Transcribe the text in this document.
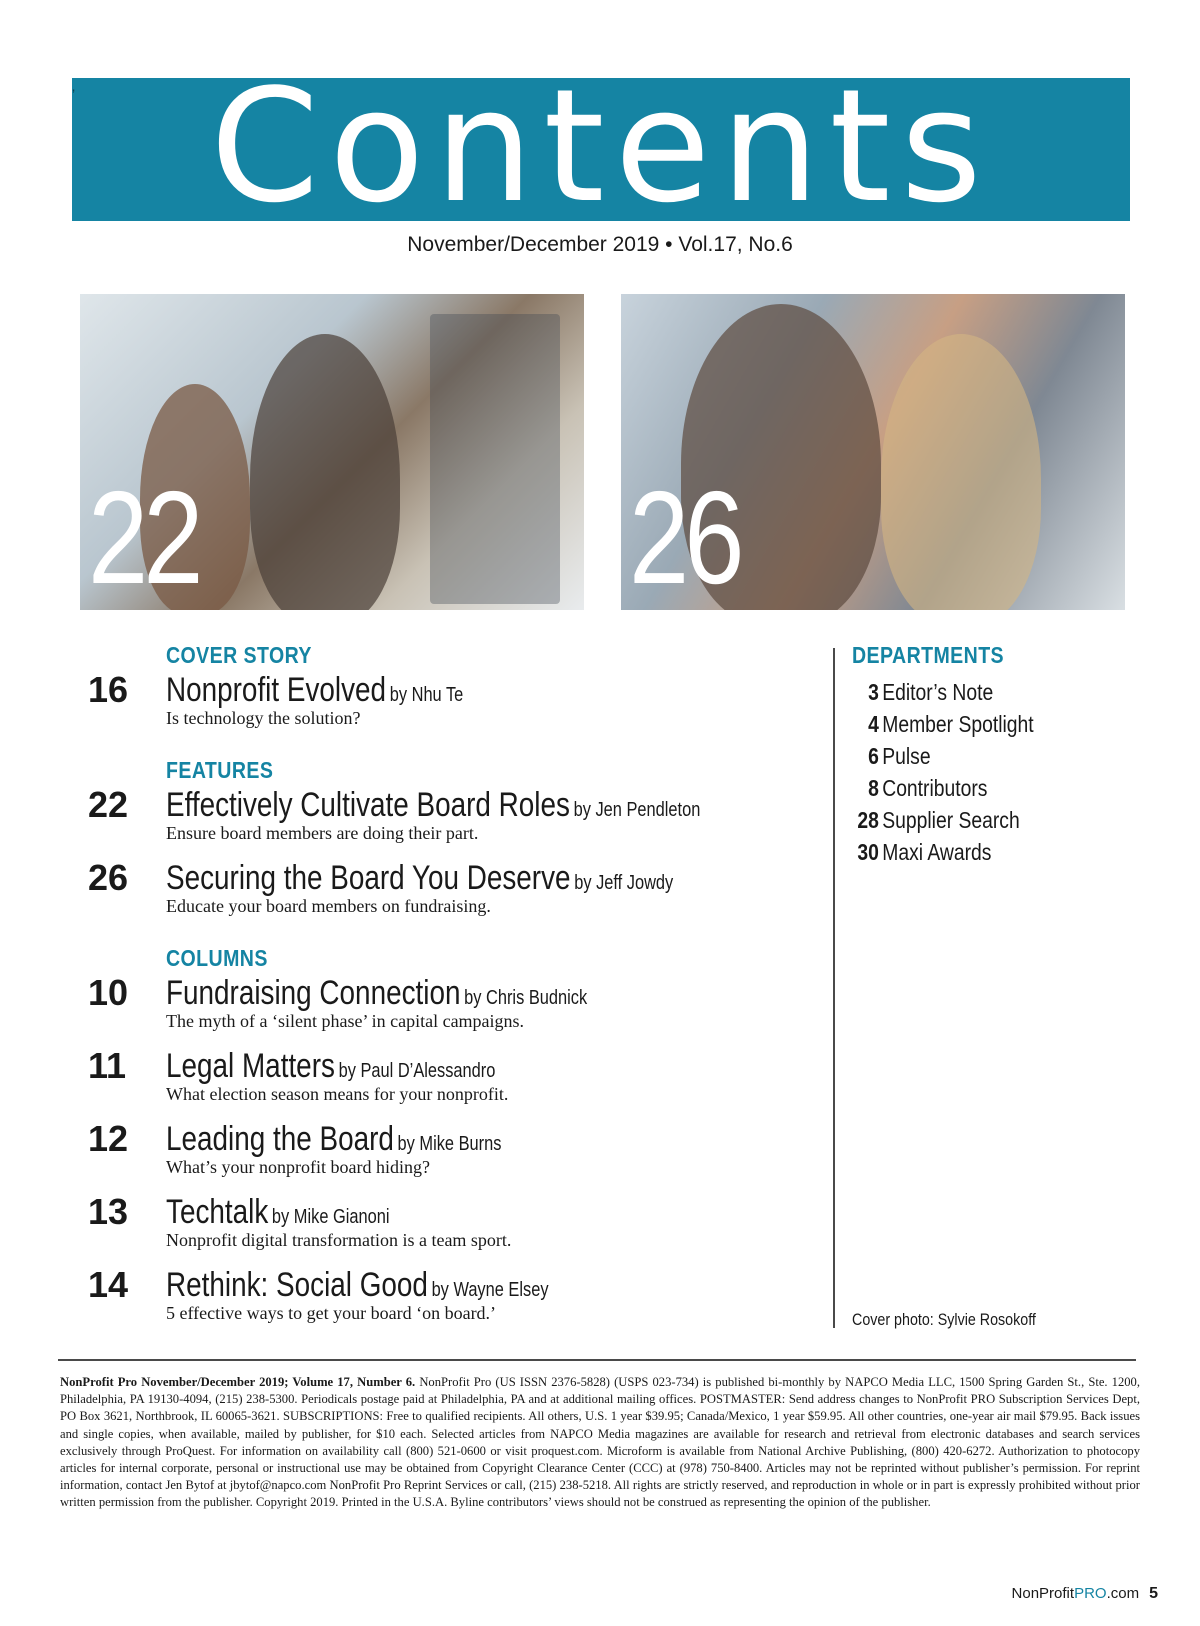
’ Contents
November/December 2019 • Vol.17, No.6
22	26
COVER STORY
16	Nonprofit Evolved by Nhu Te
Is technology the solution?
FEATURES
22	Effectively Cultivate Board Roles by Jen Pendleton
Ensure board members are doing their part.
26	Securing the Board You Deserve by Jeff Jowdy
Educate your board members on fundraising.
COLUMNS
10	Fundraising Connection by Chris Budnick
The myth of a ‘silent phase’ in capital campaigns.
11	Legal Matters by Paul D’Alessandro
What election season means for your nonprofit.
12	Leading the Board by Mike Burns
What’s your nonprofit board hiding?
13	Techtalk by Mike Gianoni
Nonprofit digital transformation is a team sport.
14	Rethink: Social Good by Wayne Elsey
5 effective ways to get your board ‘on board.’
DEPARTMENTS
3 Editor’s Note
4 Member Spotlight
6 Pulse
8 Contributors
28 Supplier Search
30 Maxi Awards
Cover photo: Sylvie Rosokoff
NonProfit Pro November/December 2019; Volume 17, Number 6. NonProfit Pro (US ISSN 2376-5828) (USPS 023-734) is published bi-monthly by NAPCO Media LLC, 1500 Spring Garden St., Ste. 1200, Philadelphia, PA 19130-4094, (215) 238-5300. Periodicals postage paid at Philadelphia, PA and at additional mailing offices. POSTMASTER: Send address changes to NonProfit PRO Subscription Services Dept, PO Box 3621, Northbrook, IL 60065-3621. SUBSCRIPTIONS: Free to qualified recipients. All others, U.S. 1 year $39.95; Canada/Mexico, 1 year $59.95. All other countries, one-year air mail $79.95. Back issues and single copies, when available, mailed by publisher, for $10 each. Selected articles from NAPCO Media magazines are available for research and retrieval from electronic databases and search services exclusively through ProQuest. For information on availability call (800) 521-0600 or visit proquest.com. Microform is available from National Archive Publishing, (800) 420-6272. Authorization to photocopy articles for internal corporate, personal or instructional use may be obtained from Copyright Clearance Center (CCC) at (978) 750-8400. Articles may not be reprinted without publisher’s permission. For reprint information, contact Jen Bytof at jbytof@napco.com NonProfit Pro Reprint Services or call, (215) 238-5218. All rights are strictly reserved, and reproduction in whole or in part is expressly prohibited without prior written permission from the publisher. Copyright 2019. Printed in the U.S.A. Byline contributors’ views should not be construed as representing the opinion of the publisher.
NonProfitPRO.com 5
